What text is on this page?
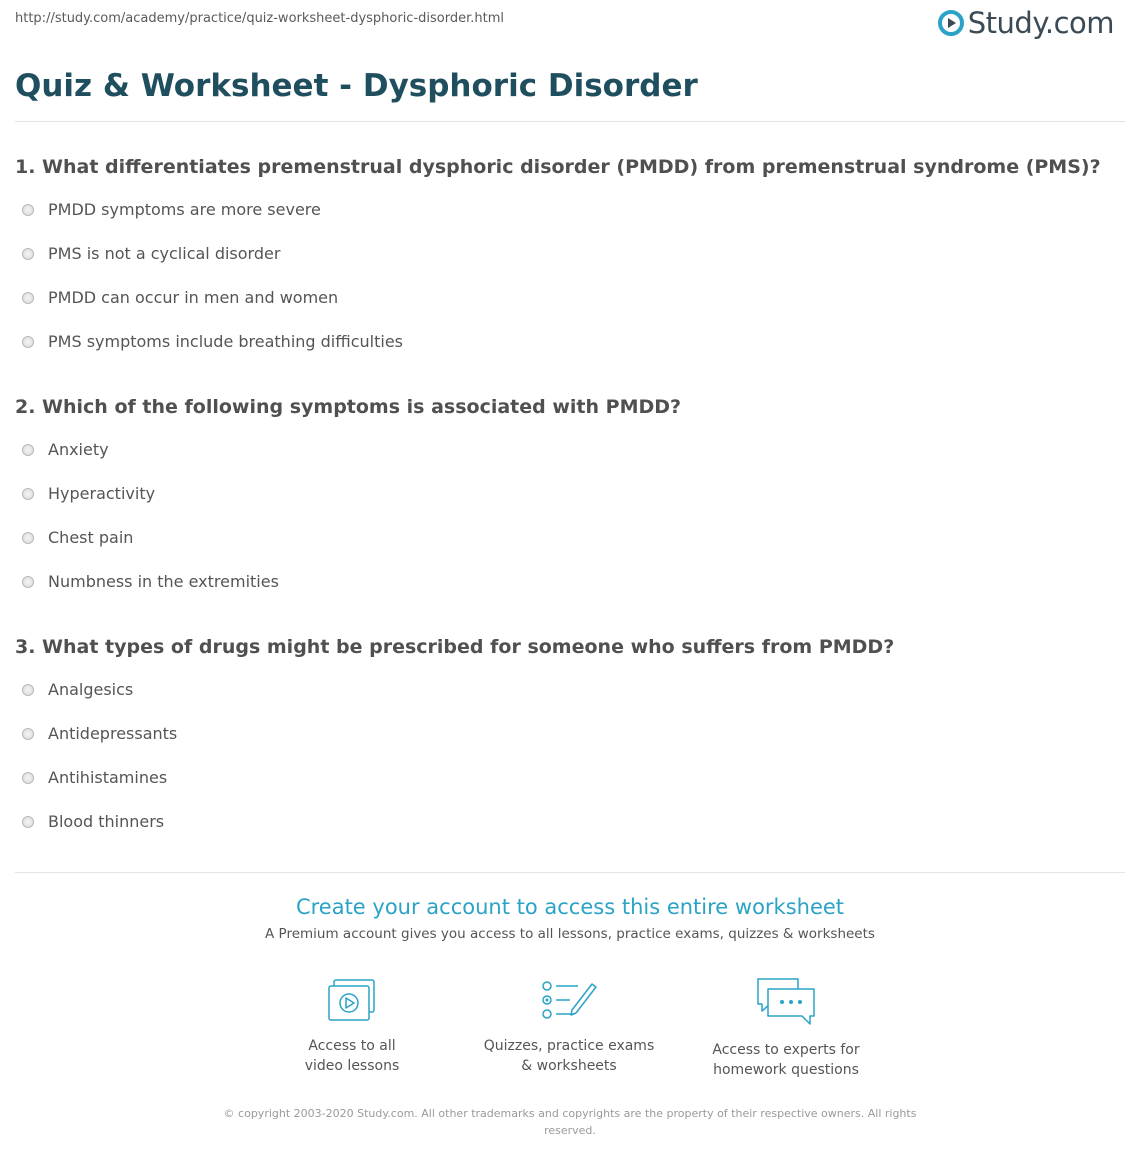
http://study.com/academy/practice/quiz-worksheet-dysphoric-disorder.html	Study.com
Quiz & Worksheet - Dysphoric Disorder
1. What differentiates premenstrual dysphoric disorder (PMDD) from premenstrual syndrome (PMS)?
PMDD symptoms are more severe
PMS is not a cyclical disorder
PMDD can occur in men and women
PMS symptoms include breathing difficulties
2. Which of the following symptoms is associated with PMDD?
Anxiety
Hyperactivity
Chest pain
Numbness in the extremities
3. What types of drugs might be prescribed for someone who suffers from PMDD?
Analgesics
Antidepressants
Antihistamines
Blood thinners
Create your account to access this entire worksheet
A Premium account gives you access to all lessons, practice exams, quizzes & worksheets
Access to all
video lessons
Quizzes, practice exams
& worksheets
Access to experts for
homework questions
© copyright 2003-2020 Study.com. All other trademarks and copyrights are the property of their respective owners. All rights
reserved.
